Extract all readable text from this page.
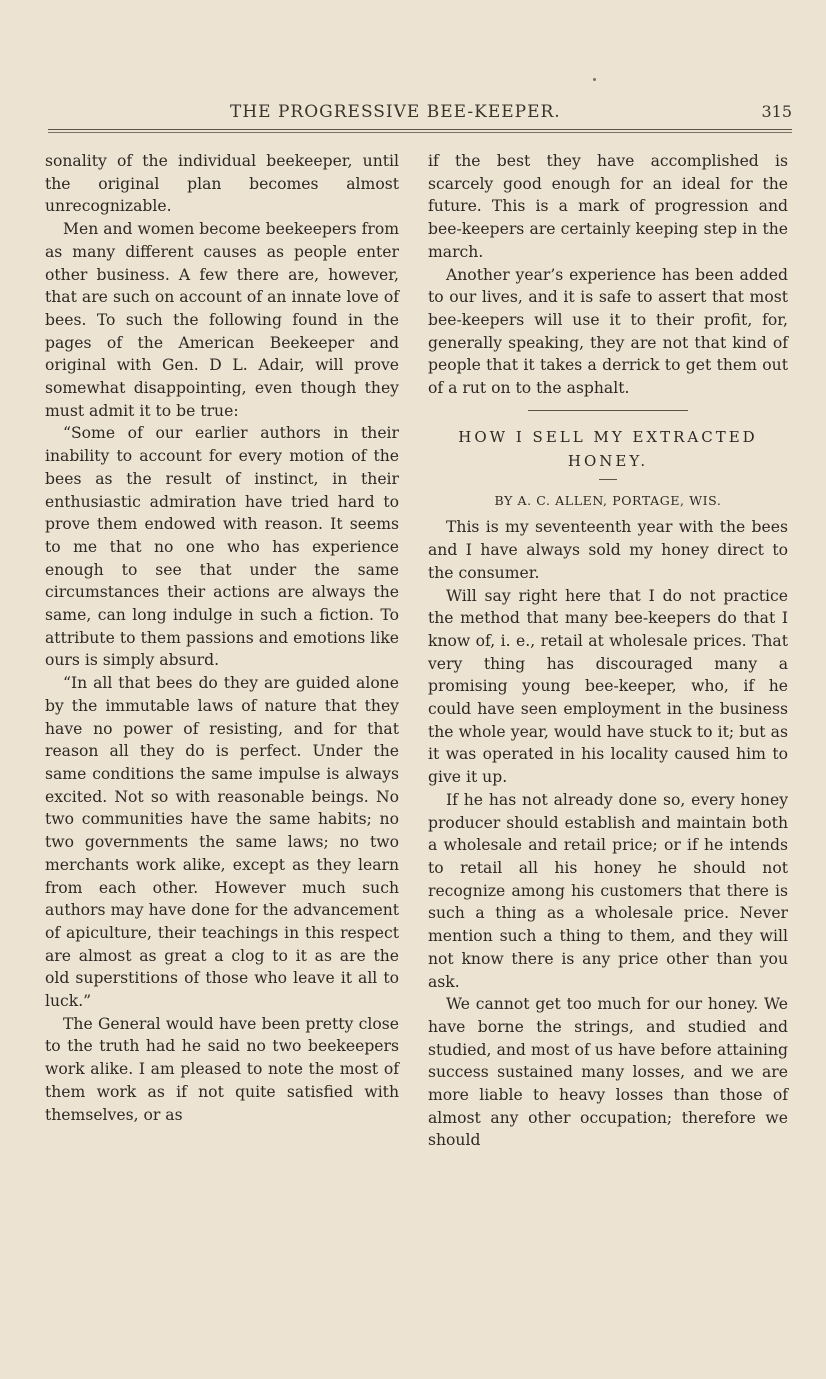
THE PROGRESSIVE BEE-KEEPER.	315

sonality of the individual beekeeper, until the original plan becomes almost unrecognizable.

Men and women become beekeepers from as many different causes as people enter other business. A few there are, however, that are such on account of an innate love of bees. To such the following found in the pages of the American Beekeeper and original with Gen. D L. Adair, will prove somewhat disappointing, even though they must admit it to be true:

“Some of our earlier authors in their inability to account for every motion of the bees as the result of instinct, in their enthusiastic admiration have tried hard to prove them endowed with reason. It seems to me that no one who has experience enough to see that under the same circumstances their actions are always the same, can long indulge in such a fiction. To attribute to them passions and emotions like ours is simply absurd.

“In all that bees do they are guided alone by the immutable laws of nature that they have no power of resisting, and for that reason all they do is perfect. Under the same conditions the same impulse is always excited. Not so with reasonable beings. No two communities have the same habits; no two governments the same laws; no two merchants work alike, except as they learn from each other. However much such authors may have done for the advancement of apiculture, their teachings in this respect are almost as great a clog to it as are the old superstitions of those who leave it all to luck.”

The General would have been pretty close to the truth had he said no two beekeepers work alike. I am pleased to note the most of them work as if not quite satisfied with themselves, or as

if the best they have accomplished is scarcely good enough for an ideal for the future. This is a mark of progression and bee-keepers are certainly keeping step in the march.

Another year’s experience has been added to our lives, and it is safe to assert that most bee-keepers will use it to their profit, for, generally speaking, they are not that kind of people that it takes a derrick to get them out of a rut on to the asphalt.

HOW I SELL MY EXTRACTED HONEY.
BY A. C. ALLEN, PORTAGE, WIS.

This is my seventeenth year with the bees and I have always sold my honey direct to the consumer.

Will say right here that I do not practice the method that many bee-keepers do that I know of, i. e., retail at wholesale prices. That very thing has discouraged many a promising young bee-keeper, who, if he could have seen employment in the business the whole year, would have stuck to it; but as it was operated in his locality caused him to give it up.

If he has not already done so, every honey producer should establish and maintain both a wholesale and retail price; or if he intends to retail all his honey he should not recognize among his customers that there is such a thing as a wholesale price. Never mention such a thing to them, and they will not know there is any price other than you ask.

We cannot get too much for our honey. We have borne the strings, and studied and studied, and most of us have before attaining success sustained many losses, and we are more liable to heavy losses than those of almost any other occupation; therefore we should
